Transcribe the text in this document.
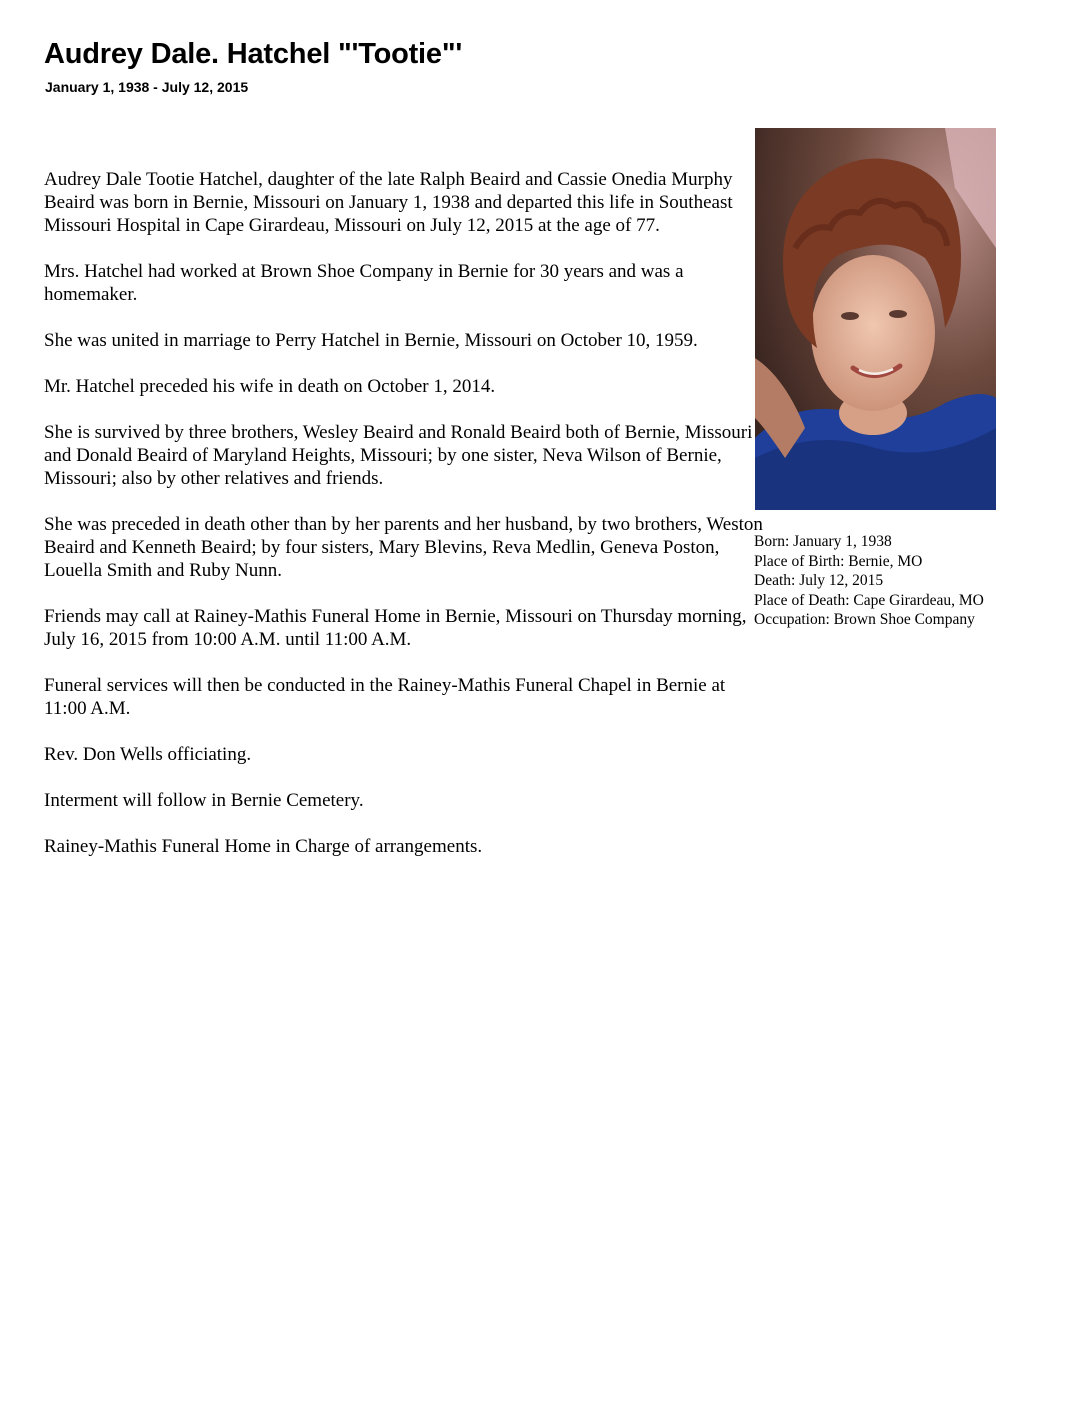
Audrey Dale. Hatchel "'Tootie"'
January 1, 1938 - July 12, 2015

Audrey Dale Tootie Hatchel, daughter of the late Ralph Beaird and Cassie Onedia Murphy Beaird was born in Bernie, Missouri on January 1, 1938 and departed this life in Southeast Missouri Hospital in Cape Girardeau, Missouri on July 12, 2015 at the age of 77.

Mrs. Hatchel had worked at Brown Shoe Company in Bernie for 30 years and was a homemaker.

She was united in marriage to Perry Hatchel in Bernie, Missouri on October 10, 1959.

Mr. Hatchel preceded his wife in death on October 1, 2014.

She is survived by three brothers, Wesley Beaird and Ronald Beaird both of Bernie, Missouri and Donald Beaird of Maryland Heights, Missouri; by one sister, Neva Wilson of Bernie, Missouri; also by other relatives and friends.

She was preceded in death other than by her parents and her husband, by two brothers, Weston Beaird and Kenneth Beaird; by four sisters, Mary Blevins, Reva Medlin, Geneva Poston, Louella Smith and Ruby Nunn.

Friends may call at Rainey-Mathis Funeral Home in Bernie, Missouri on Thursday morning, July 16, 2015 from 10:00 A.M. until 11:00 A.M.

Funeral services will then be conducted in the Rainey-Mathis Funeral Chapel in Bernie at 11:00 A.M.

Rev. Don Wells officiating.

Interment will follow in Bernie Cemetery.

Rainey-Mathis Funeral Home in Charge of arrangements.

Born: January 1, 1938
Place of Birth: Bernie, MO
Death: July 12, 2015
Place of Death: Cape Girardeau, MO
Occupation: Brown Shoe Company
